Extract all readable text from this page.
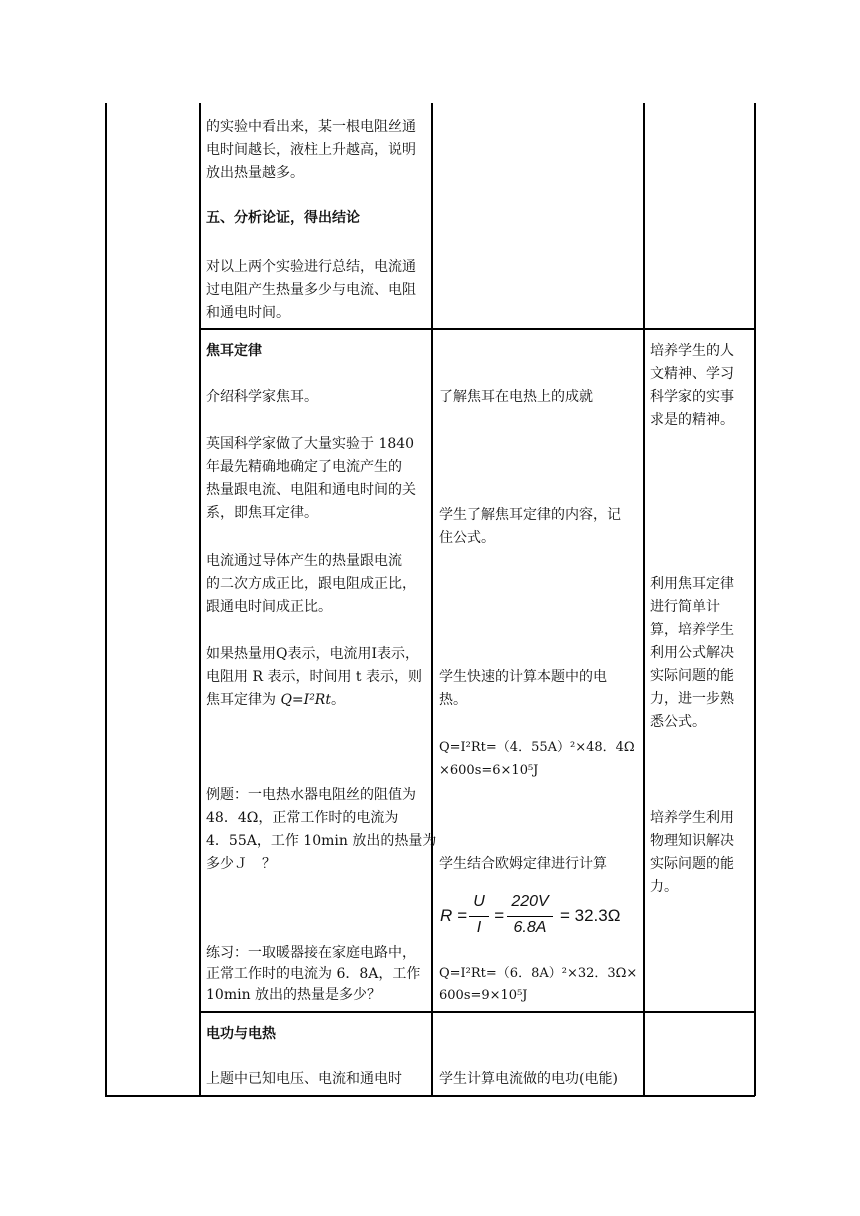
的实验中看出来，某一根电阻丝通
电时间越长，液柱上升越高，说明
放出热量越多。
五、分析论证，得出结论
对以上两个实验进行总结，电流通
过电阻产生热量多少与电流、电阻
和通电时间。
焦耳定律
介绍科学家焦耳。
英国科学家做了大量实验于 1840
年最先精确地确定了电流产生的
热量跟电流、电阻和通电时间的关
系，即焦耳定律。
电流通过导体产生的热量跟电流
的二次方成正比，跟电阻成正比，
跟通电时间成正比。
如果热量用Q表示，电流用I表示，
电阻用 R 表示，时间用 t 表示，则
焦耳定律为 Q=I²Rt。
例题：一电热水器电阻丝的阻值为
48．4Ω，正常工作时的电流为
4．55A，工作 10min 放出的热量为
多少Ｊ　？
练习：一取暖器接在家庭电路中，
正常工作时的电流为 6．8A，工作
10min 放出的热量是多少？
了解焦耳在电热上的成就
学生了解焦耳定律的内容，记
住公式。
学生快速的计算本题中的电
热。
Q=I²Rt=（4．55A）²×48．4Ω
×600s=6×10⁵J
学生结合欧姆定律进行计算
R =
U
I
=
220V
6.8A
= 32.3Ω
Q=I²Rt=（6．8A）²×32．3Ω×
600s=9×10⁵J
培养学生的人
文精神、学习
科学家的实事
求是的精神。
利用焦耳定律
进行简单计
算，培养学生
利用公式解决
实际问题的能
力，进一步熟
悉公式。
培养学生利用
物理知识解决
实际问题的能
力。
电功与电热
上题中已知电压、电流和通电时	学生计算电流做的电功(电能)
